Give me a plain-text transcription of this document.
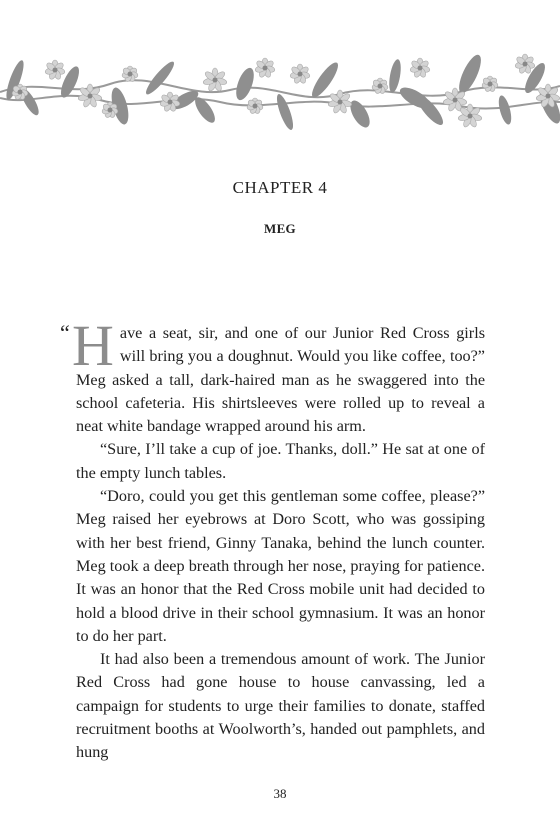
CHAPTER 4
MEG

“ H ave a seat, sir, and one of our Junior Red Cross girls will bring you a doughnut. Would you like coffee, too?” Meg asked a tall, dark-haired man as he swaggered into the school cafeteria. His shirtsleeves were rolled up to reveal a neat white bandage wrapped around his arm.

“Sure, I’ll take a cup of joe. Thanks, doll.” He sat at one of the empty lunch tables.

“Doro, could you get this gentleman some coffee, please?” Meg raised her eyebrows at Doro Scott, who was gossiping with her best friend, Ginny Tanaka, behind the lunch counter. Meg took a deep breath through her nose, praying for patience. It was an honor that the Red Cross mobile unit had decided to hold a blood drive in their school gymnasium. It was an honor to do her part.

It had also been a tremendous amount of work. The Junior Red Cross had gone house to house canvassing, led a campaign for students to urge their families to donate, staffed recruitment booths at Woolworth’s, handed out pamphlets, and hung

38
